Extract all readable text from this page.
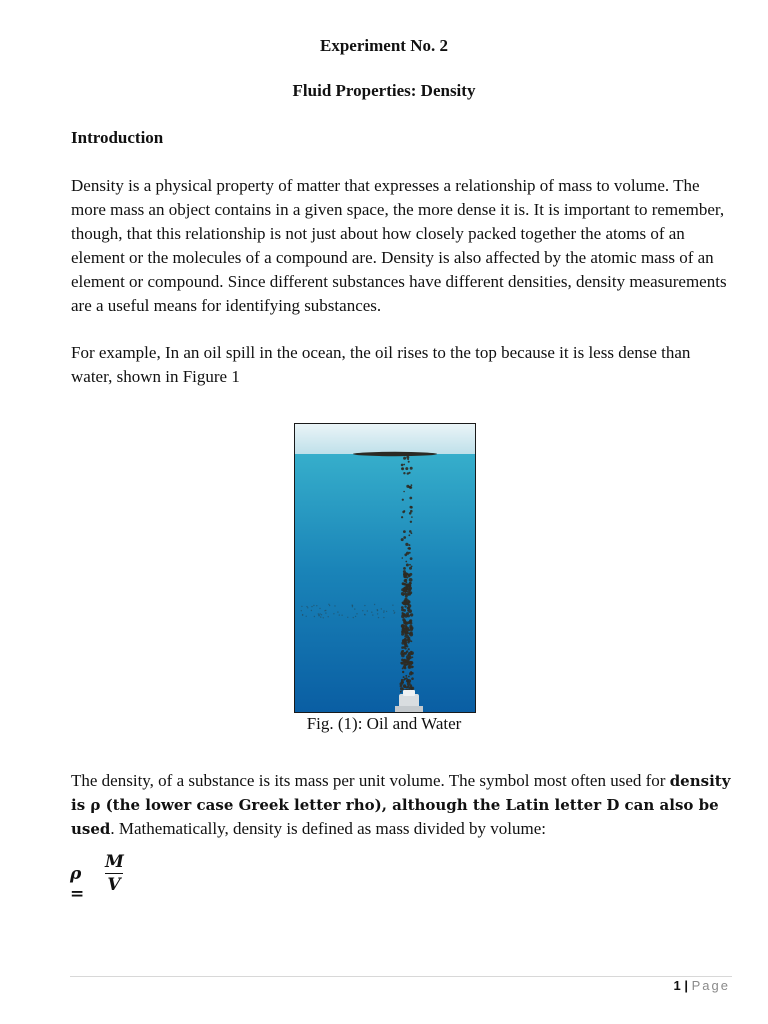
Experiment No. 2
Fluid Properties: Density
Introduction
Density is a physical property of matter that expresses a relationship of mass to volume. The more mass an object contains in a given space, the more dense it is. It is important to remember, though, that this relationship is not just about how closely packed together the atoms of an element or the molecules of a compound are. Density is also affected by the atomic mass of an element or compound. Since different substances have different densities, density measurements are a useful means for identifying substances.
For example, In an oil spill in the ocean, the oil rises to the top because it is less dense than water, shown in Figure 1
Fig. (1): Oil and Water
The density, of a substance is its mass per unit volume. The symbol most often used for density is ρ (the lower case Greek letter rho), although the Latin letter D can also be used. Mathematically, density is defined as mass divided by volume:
ρ =
M
V
1 | Page
